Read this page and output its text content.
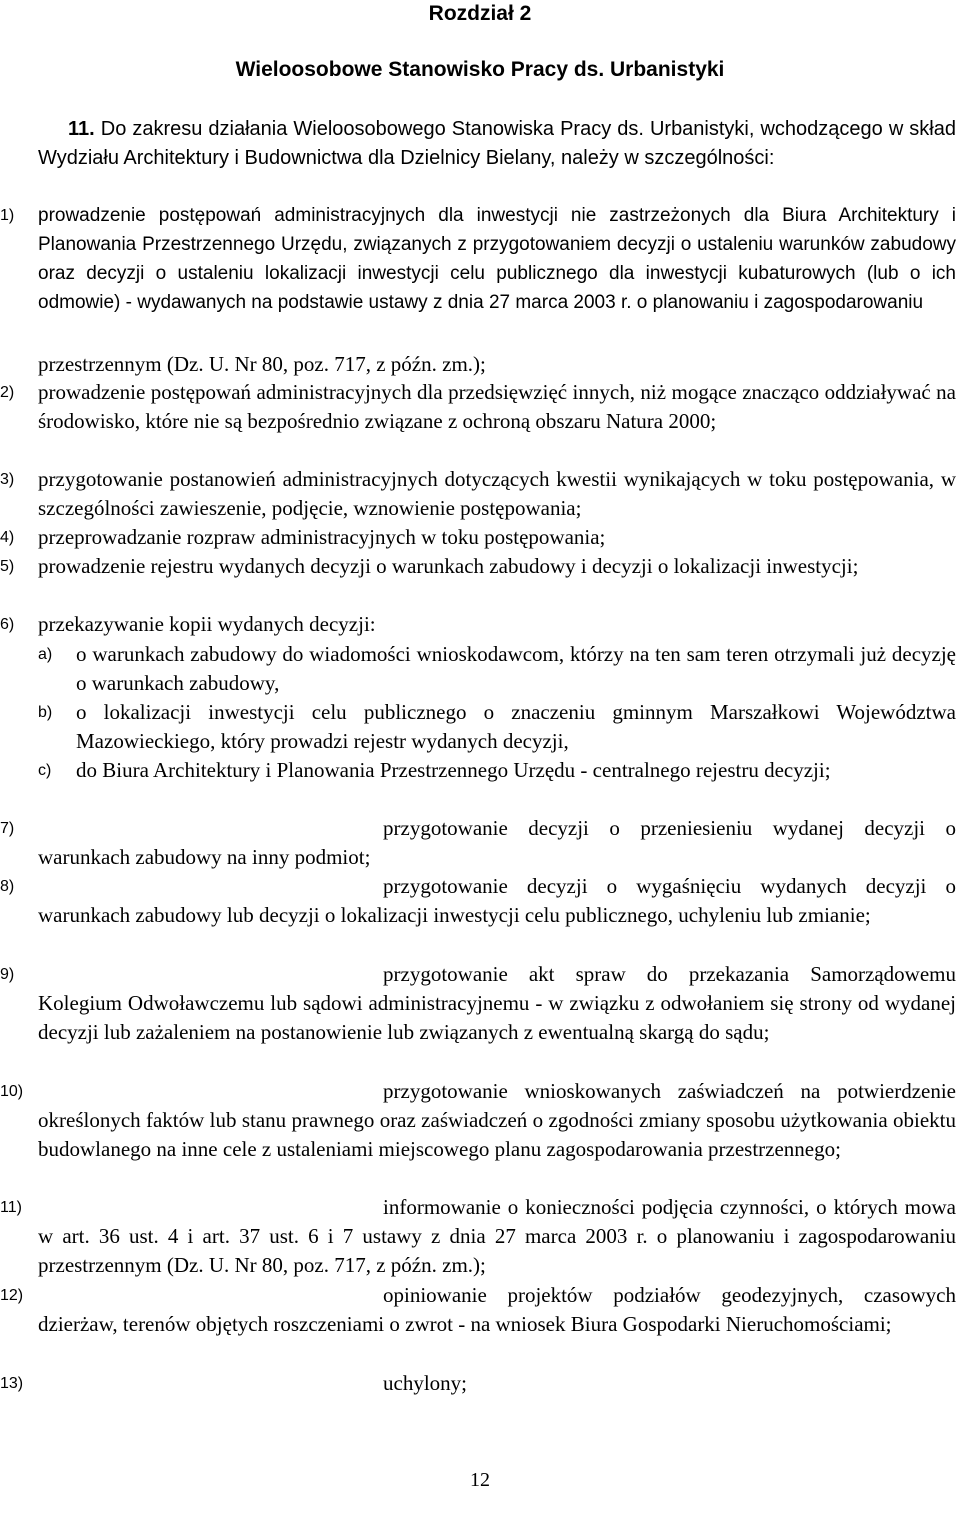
Rozdział 2
Wieloosobowe Stanowisko Pracy ds. Urbanistyki
11. Do zakresu działania Wieloosobowego Stanowiska Pracy ds. Urbanistyki, wchodzącego w skład Wydziału Architektury i Budownictwa dla Dzielnicy Bielany, należy w szczególności:
1) prowadzenie postępowań administracyjnych dla inwestycji nie zastrzeżonych dla Biura Architektury i Planowania Przestrzennego Urzędu, związanych z przygotowaniem decyzji o ustaleniu warunków zabudowy oraz decyzji o ustaleniu lokalizacji inwestycji celu publicznego dla inwestycji kubaturowych (lub o ich odmowie) - wydawanych na podstawie ustawy z dnia 27 marca 2003 r. o planowaniu i zagospodarowaniu
przestrzennym (Dz. U. Nr 80, poz. 717, z późn. zm.);
2) prowadzenie postępowań administracyjnych dla przedsięwzięć innych, niż mogące znacząco oddziaływać na środowisko, które nie są bezpośrednio związane z ochroną obszaru Natura 2000;
3) przygotowanie postanowień administracyjnych dotyczących kwestii wynikających w toku postępowania, w szczególności zawieszenie, podjęcie, wznowienie postępowania;
4) przeprowadzanie rozpraw administracyjnych w toku postępowania;
5) prowadzenie rejestru wydanych decyzji o warunkach zabudowy i decyzji o lokalizacji inwestycji;
6) przekazywanie kopii wydanych decyzji:
a) o warunkach zabudowy do wiadomości wnioskodawcom, którzy na ten sam teren otrzymali już decyzję o warunkach zabudowy,
b) o lokalizacji inwestycji celu publicznego o znaczeniu gminnym Marszałkowi Województwa Mazowieckiego, który prowadzi rejestr wydanych decyzji,
c) do Biura Architektury i Planowania Przestrzennego Urzędu - centralnego rejestru decyzji;
7)	przygotowanie decyzji o przeniesieniu wydanej decyzji o warunkach zabudowy na inny podmiot;
8)	przygotowanie decyzji o wygaśnięciu wydanych decyzji o warunkach zabudowy lub decyzji o lokalizacji inwestycji celu publicznego, uchyleniu lub zmianie;
9)	przygotowanie akt spraw do przekazania Samorządowemu Kolegium Odwoławczemu lub sądowi administracyjnemu - w związku z odwołaniem się strony od wydanej decyzji lub zażaleniem na postanowienie lub związanych z ewentualną skargą do sądu;
10)	przygotowanie wnioskowanych zaświadczeń na potwierdzenie określonych faktów lub stanu prawnego oraz zaświadczeń o zgodności zmiany sposobu użytkowania obiektu budowlanego na inne cele z ustaleniami miejscowego planu zagospodarowania przestrzennego;
11)	informowanie o konieczności podjęcia czynności, o których mowa w art. 36 ust. 4 i art. 37 ust. 6 i 7 ustawy z dnia 27 marca 2003 r. o planowaniu i zagospodarowaniu przestrzennym (Dz. U. Nr 80, poz. 717, z późn. zm.);
12)	opiniowanie projektów podziałów geodezyjnych, czasowych dzierżaw, terenów objętych roszczeniami o zwrot - na wniosek Biura Gospodarki Nieruchomościami;
13)	uchylony;
12
